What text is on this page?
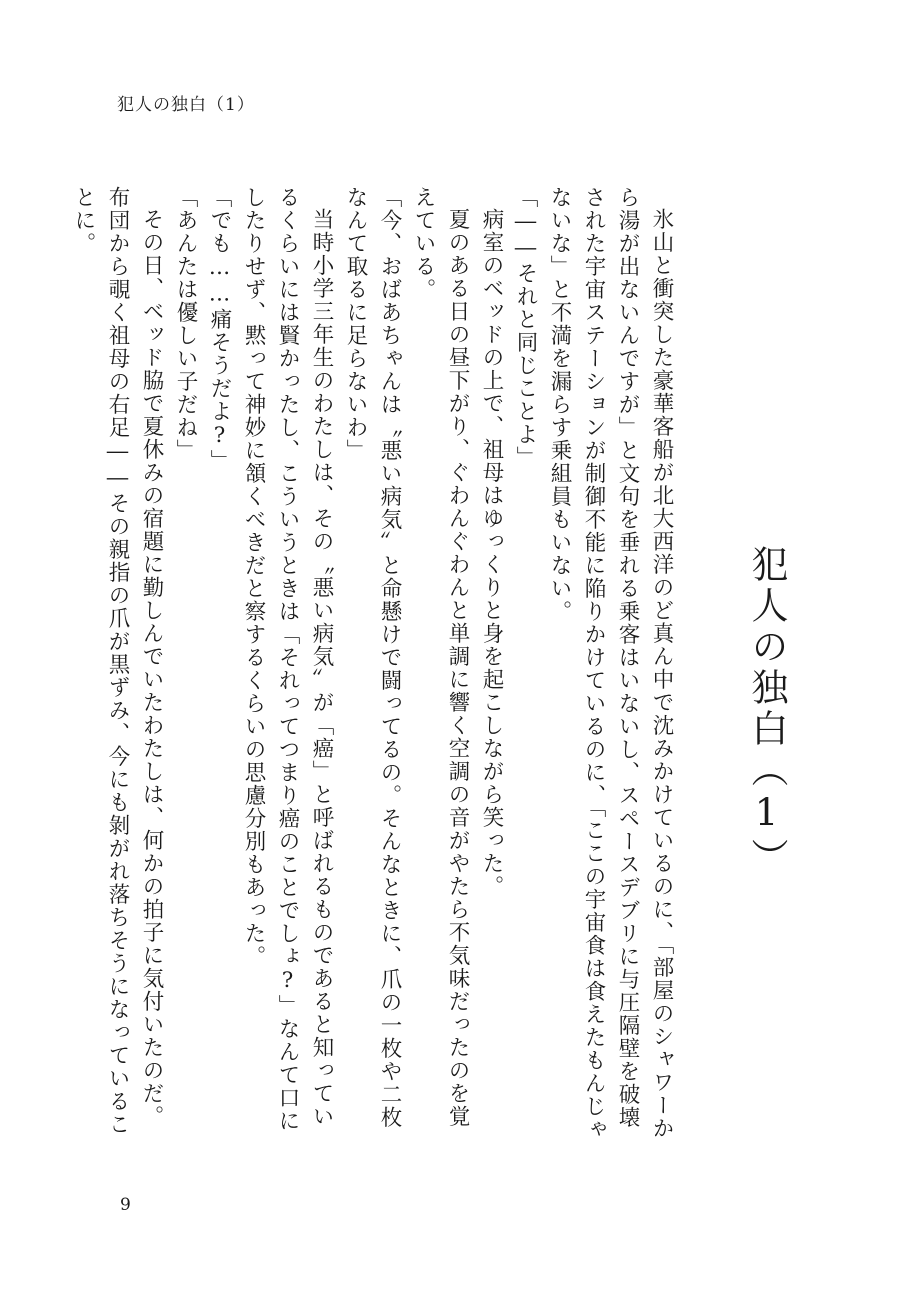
犯人の独白（1）
犯人の独白（1）

氷山と衝突した豪華客船が北大西洋のど真ん中で沈みかけているのに、「部屋のシャワーから湯が出ないんですが」と文句を垂れる乗客はいないし、スペースデブリに与圧隔壁を破壊された宇宙ステーションが制御不能に陥りかけているのに、「ここの宇宙食は食えたもんじゃないな」と不満を漏らす乗組員もいない。

「――それと同じことよ」

病室のベッドの上で、祖母はゆっくりと身を起こしながら笑った。

夏のある日の昼下がり、ぐわんぐわんと単調に響く空調の音がやたら不気味だったのを覚えている。

「今、おばあちゃんは〝悪い病気〟と命懸けで闘ってるの。そんなときに、爪の一枚や二枚なんて取るに足らないわ」

当時小学三年生のわたしは、その〝悪い病気〟が「癌」と呼ばれるものであると知っているくらいには賢かったし、こういうときは「それってつまり癌のことでしょ?」なんて口にしたりせず、黙って神妙に頷くべきだと察するくらいの思慮分別もあった。

「でも……痛そうだよ?」

「あんたは優しい子だね」

その日、ベッド脇で夏休みの宿題に勤しんでいたわたしは、何かの拍子に気付いたのだ。布団から覗く祖母の右足――その親指の爪が黒ずみ、今にも剝がれ落ちそうになっていることに。

9
